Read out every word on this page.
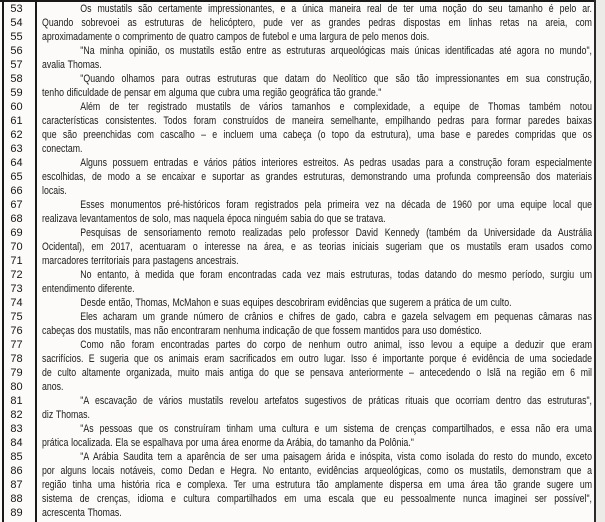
53	Os mustatils são certamente impressionantes, e a única maneira real de ter uma noção do seu tamanho é pelo ar.
54	Quando sobrevoei as estruturas de helicóptero, pude ver as grandes pedras dispostas em linhas retas na areia, com
55	aproximadamente o comprimento de quatro campos de futebol e uma largura de pelo menos dois.
56	"Na minha opinião, os mustatils estão entre as estruturas arqueológicas mais únicas identificadas até agora no mundo",
57	avalia Thomas.
58	"Quando olhamos para outras estruturas que datam do Neolítico que são tão impressionantes em sua construção,
59	tenho dificuldade de pensar em alguma que cubra uma região geográfica tão grande."
60	Além de ter registrado mustatils de vários tamanhos e complexidade, a equipe de Thomas também notou
61	características consistentes. Todos foram construídos de maneira semelhante, empilhando pedras para formar paredes baixas
62	que são preenchidas com cascalho – e incluem uma cabeça (o topo da estrutura), uma base e paredes compridas que os
63	conectam.
64	Alguns possuem entradas e vários pátios interiores estreitos. As pedras usadas para a construção foram especialmente
65	escolhidas, de modo a se encaixar e suportar as grandes estruturas, demonstrando uma profunda compreensão dos materiais
66	locais.
67	Esses monumentos pré-históricos foram registrados pela primeira vez na década de 1960 por uma equipe local que
68	realizava levantamentos de solo, mas naquela época ninguém sabia do que se tratava.
69	Pesquisas de sensoriamento remoto realizadas pelo professor David Kennedy (também da Universidade da Austrália
70	Ocidental), em 2017, acentuaram o interesse na área, e as teorias iniciais sugeriam que os mustatils eram usados como
71	marcadores territoriais para pastagens ancestrais.
72	No entanto, à medida que foram encontradas cada vez mais estruturas, todas datando do mesmo período, surgiu um
73	entendimento diferente.
74	Desde então, Thomas, McMahon e suas equipes descobriram evidências que sugerem a prática de um culto.
75	Eles acharam um grande número de crânios e chifres de gado, cabra e gazela selvagem em pequenas câmaras nas
76	cabeças dos mustatils, mas não encontraram nenhuma indicação de que fossem mantidos para uso doméstico.
77	Como não foram encontradas partes do corpo de nenhum outro animal, isso levou a equipe a deduzir que eram
78	sacrifícios. E sugeria que os animais eram sacrificados em outro lugar. Isso é importante porque é evidência de uma sociedade
79	de culto altamente organizada, muito mais antiga do que se pensava anteriormente – antecedendo o Islã na região em 6 mil
80	anos.
81	"A escavação de vários mustatils revelou artefatos sugestivos de práticas rituais que ocorriam dentro das estruturas",
82	diz Thomas.
83	"As pessoas que os construíram tinham uma cultura e um sistema de crenças compartilhados, e essa não era uma
84	prática localizada. Ela se espalhava por uma área enorme da Arábia, do tamanho da Polônia."
85	"A Arábia Saudita tem a aparência de ser uma paisagem árida e inóspita, vista como isolada do resto do mundo, exceto
86	por alguns locais notáveis, como Dedan e Hegra. No entanto, evidências arqueológicas, como os mustatils, demonstram que a
87	região tinha uma história rica e complexa. Ter uma estrutura tão amplamente dispersa em uma área tão grande sugere um
88	sistema de crenças, idioma e cultura compartilhados em uma escala que eu pessoalmente nunca imaginei ser possível",
89	acrescenta Thomas.
